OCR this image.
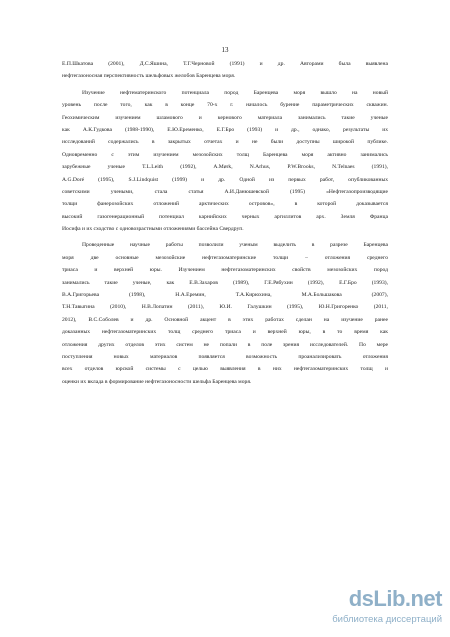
13
Е.П.Шкатова (2001), Д.С.Яшина, Т.Г.Черновой (1991) и др. Авторами была выявлена
нефтегазоносная перспективность шельфовых желобов Баренцева моря.
Изучение нефтематеринского потенциала пород Баренцева моря вышло на новый
уровень после того, как в конце 70-х г. началось бурение параметрических скважин.
Геохимическим изучением шламового и кернового материала занимались такие ученые
как А.К.Гудкова (1988-1990), Е.Ю.Еременко, Е.Г.Бро (1993) и др., однако, результаты их
исследований содержались в закрытых отчетах и не были доступны широкой публике.
Одновременно с этим изучением мезозойских толщ Баренцева моря активно занимались
зарубежные ученые T.L.Leith (1992), A.Mørk, N.Arhus, P.W.Brooks, N.Telnaes (1991),
A.G.Doré (1995), S.J.Lindquist (1999) и др. Одной из первых работ, опубликованных
советскими учеными, стала статья А.И.Данюшевской (1995) «Нефтегазопроизводящие
толщи фанерозойских отложений арктических островов», в которой доказывается
высокий газогенерационный потенциал карнийских черных аргиллитов арх. Земля Франца
Иосифа и их сходство с одновозрастными отложениями бассейна Свердруп.
Проведенные научные работы позволили ученым выделить в разрезе Баренцева
моря две основные мезозойские нефтегазоматеринские толщи – отложения среднего
триаса и верхней юры. Изучением нефтегазоматеринских свойств мезозойских пород
занимались такие ученые, как Е.В.Захаров (1989), Г.Е.Рябухин (1992), Е.Г.Бро (1993),
В.А.Григорьева (1998), Н.А.Еремин, Т.А.Кирюхина, М.А.Большакова (2007),
Т.Н.Тавыгина (2010), Н.В.Лопатин (2011), Ю.И. Галушкин (1995), Ю.Н.Григоренко (2011,
2012), В.С.Соболев и др. Основной акцент в этих работах сделан на изучение ранее
доказанных нефтегазоматеринских толщ среднего триаса и верхней юры, в то время как
отложения других отделов этих систем не попали в поле зрения исследователей. По мере
поступления новых материалов появляется возможность проанализировать отложения
всех отделов юрской системы с целью выявления в них нефтегазоматеринских толщ и
оценки их вклада в формирование нефтегазоносности шельфа Баренцева моря.
dsLib.net
библиотека диссертаций
